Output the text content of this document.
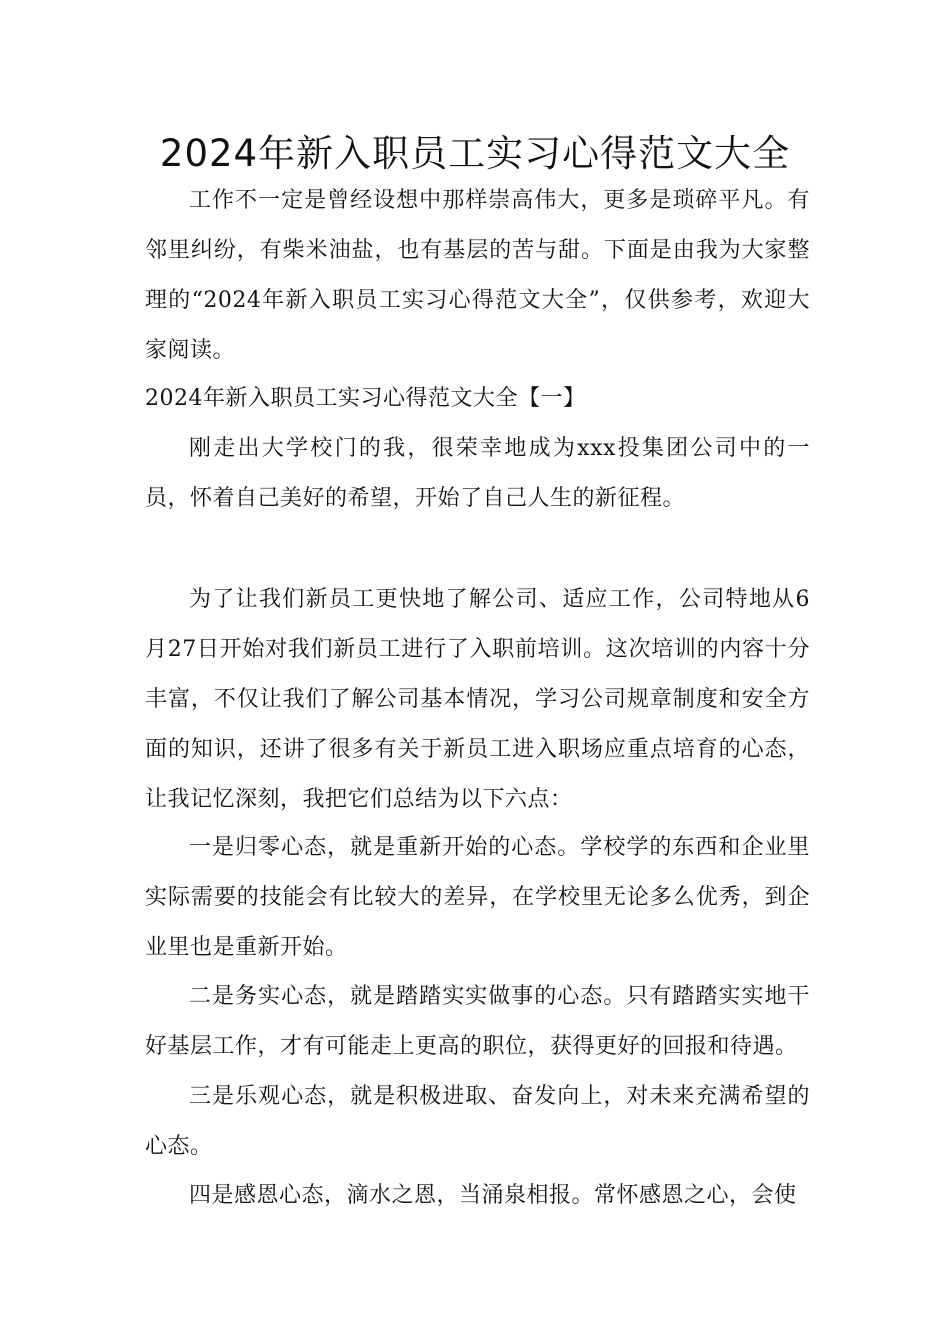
2024年新入职员工实习心得范文大全

工作不一定是曾经设想中那样崇高伟大，更多是琐碎平凡。有邻里纠纷，有柴米油盐，也有基层的苦与甜。下面是由我为大家整理的“2024年新入职员工实习心得范文大全”，仅供参考，欢迎大家阅读。

2024年新入职员工实习心得范文大全【一】

刚走出大学校门的我，很荣幸地成为xxx投集团公司中的一员，怀着自己美好的希望，开始了自己人生的新征程。

为了让我们新员工更快地了解公司、适应工作，公司特地从6月27日开始对我们新员工进行了入职前培训。这次培训的内容十分丰富，不仅让我们了解公司基本情况，学习公司规章制度和安全方面的知识，还讲了很多有关于新员工进入职场应重点培育的心态，让我记忆深刻，我把它们总结为以下六点：

一是归零心态，就是重新开始的心态。学校学的东西和企业里实际需要的技能会有比较大的差异，在学校里无论多么优秀，到企业里也是重新开始。

二是务实心态，就是踏踏实实做事的心态。只有踏踏实实地干好基层工作，才有可能走上更高的职位，获得更好的回报和待遇。

三是乐观心态，就是积极进取、奋发向上，对未来充满希望的心态。

四是感恩心态，滴水之恩，当涌泉相报。常怀感恩之心，会使
